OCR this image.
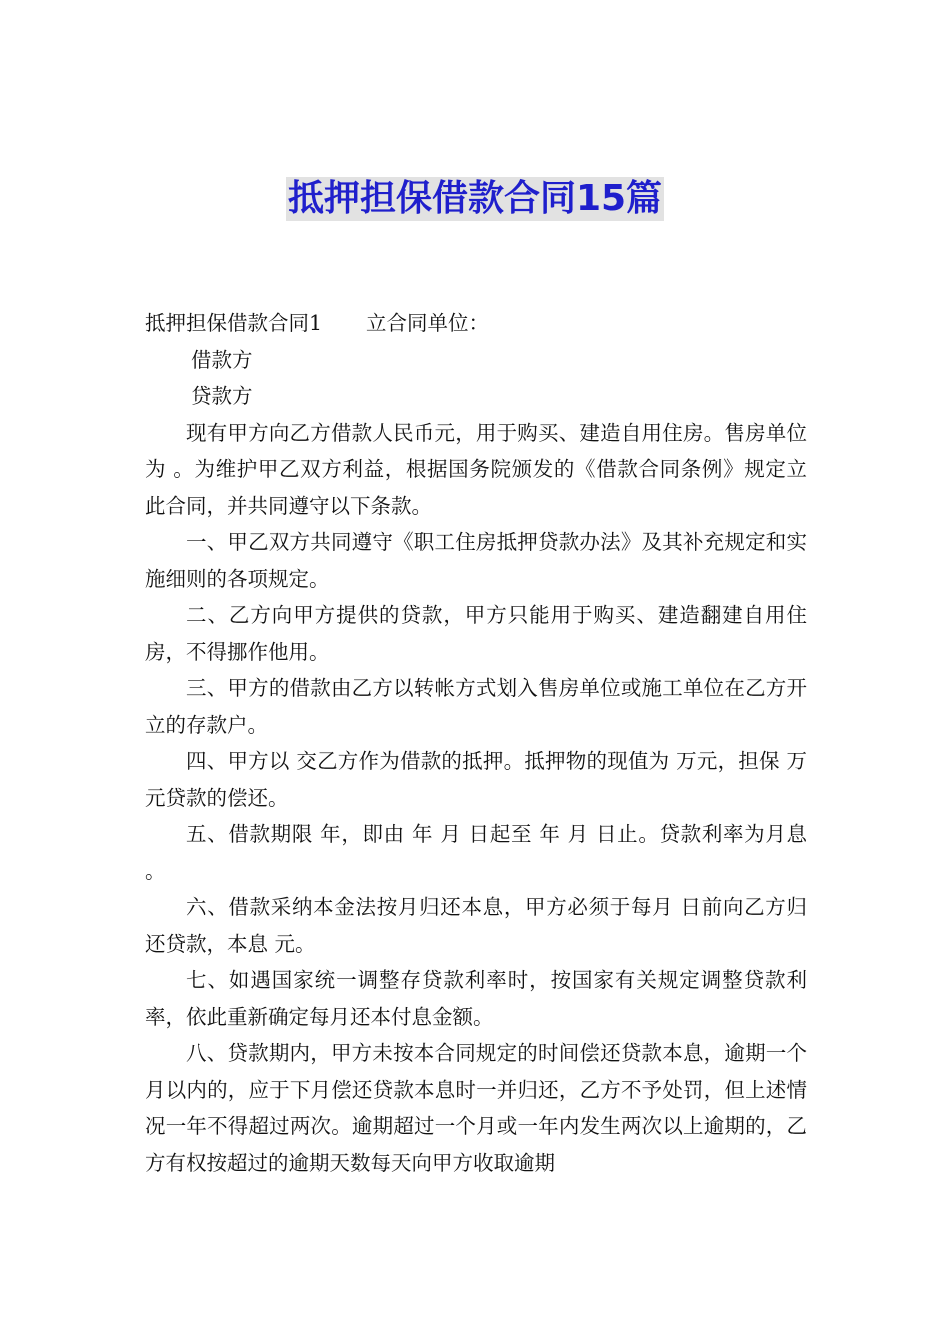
抵押担保借款合同15篇
抵押担保借款合同1 立合同单位：

借款方

贷款方

现有甲方向乙方借款人民币元，用于购买、建造自用住房。售房单位为 。为维护甲乙双方利益，根据国务院颁发的《借款合同条例》规定立此合同，并共同遵守以下条款。

一、甲乙双方共同遵守《职工住房抵押贷款办法》及其补充规定和实施细则的各项规定。

二、乙方向甲方提供的贷款，甲方只能用于购买、建造翻建自用住房，不得挪作他用。

三、甲方的借款由乙方以转帐方式划入售房单位或施工单位在乙方开立的存款户。

四、甲方以 交乙方作为借款的抵押。抵押物的现值为 万元，担保 万元贷款的偿还。

五、借款期限 年，即由 年 月 日起至 年 月 日止。贷款利率为月息 。

六、借款采纳本金法按月归还本息，甲方必须于每月 日前向乙方归还贷款，本息 元。

七、如遇国家统一调整存贷款利率时，按国家有关规定调整贷款利率，依此重新确定每月还本付息金额。

八、贷款期内，甲方未按本合同规定的时间偿还贷款本息，逾期一个月以内的，应于下月偿还贷款本息时一并归还，乙方不予处罚，但上述情况一年不得超过两次。逾期超过一个月或一年内发生两次以上逾期的，乙方有权按超过的逾期天数每天向甲方收取逾期
